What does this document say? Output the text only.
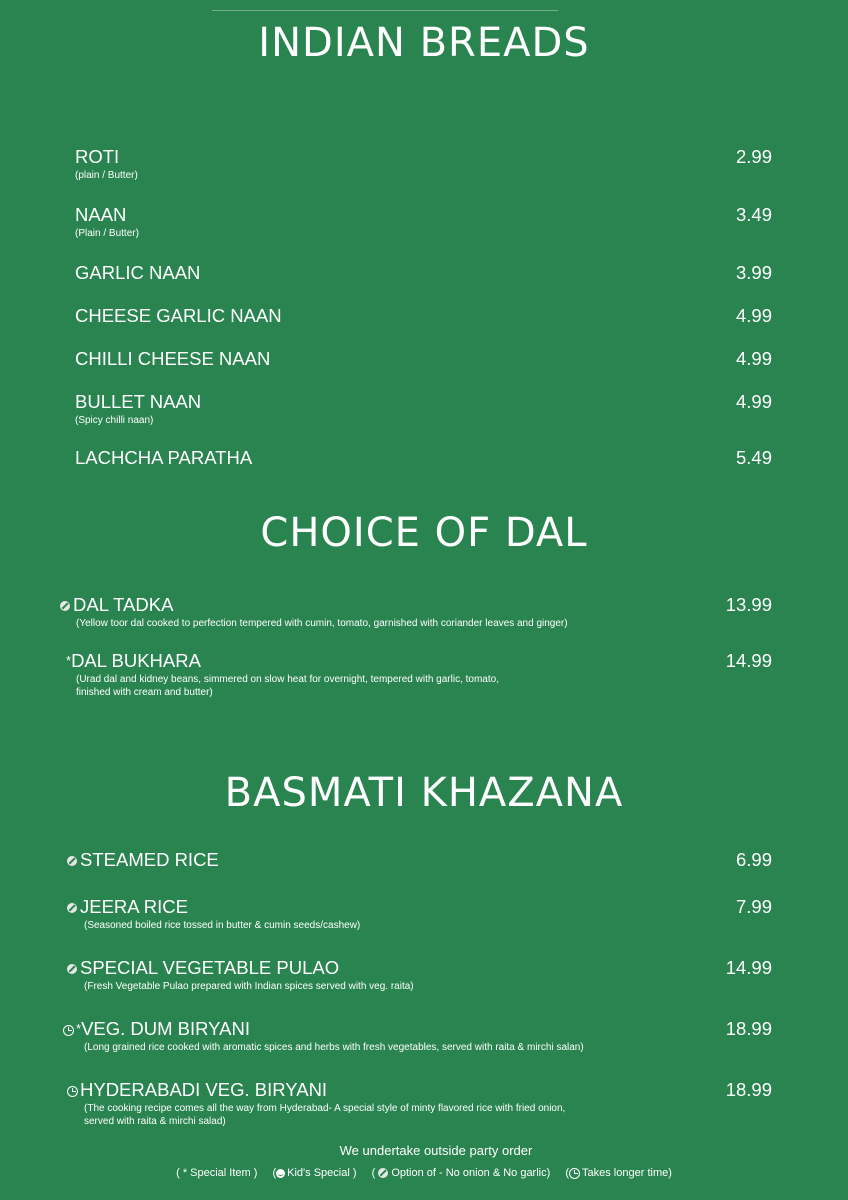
INDIAN BREADS
ROTI
(plain / Butter)
2.99
NAAN
(Plain / Butter)
3.49
GARLIC NAAN	3.99
CHEESE GARLIC NAAN	4.99
CHILLI CHEESE NAAN	4.99
BULLET NAAN
(Spicy chilli naan)
4.99
LACHCHA PARATHA	5.49
CHOICE OF DAL
DAL TADKA
(Yellow toor dal cooked to perfection tempered with cumin, tomato, garnished with coriander leaves and ginger)
13.99
*DAL BUKHARA
(Urad dal and kidney beans, simmered on slow heat for overnight, tempered with garlic, tomato,
finished with cream and butter)
14.99
BASMATI KHAZANA
STEAMED RICE	6.99
JEERA RICE
(Seasoned boiled rice tossed in butter & cumin seeds/cashew)
7.99
SPECIAL VEGETABLE PULAO
(Fresh Vegetable Pulao prepared with Indian spices served with veg. raita)
14.99
*VEG. DUM BIRYANI
(Long grained rice cooked with aromatic spices and herbs with fresh vegetables, served with raita & mirchi salan)
18.99
HYDERABADI VEG. BIRYANI
(The cooking recipe comes all the way from Hyderabad- A special style of minty flavored rice with fried onion,
served with raita & mirchi salad)
18.99
We undertake outside party order
( * Special Item ) ( Kid's Special ) ( Option of - No onion & No garlic) ( Takes longer time)
